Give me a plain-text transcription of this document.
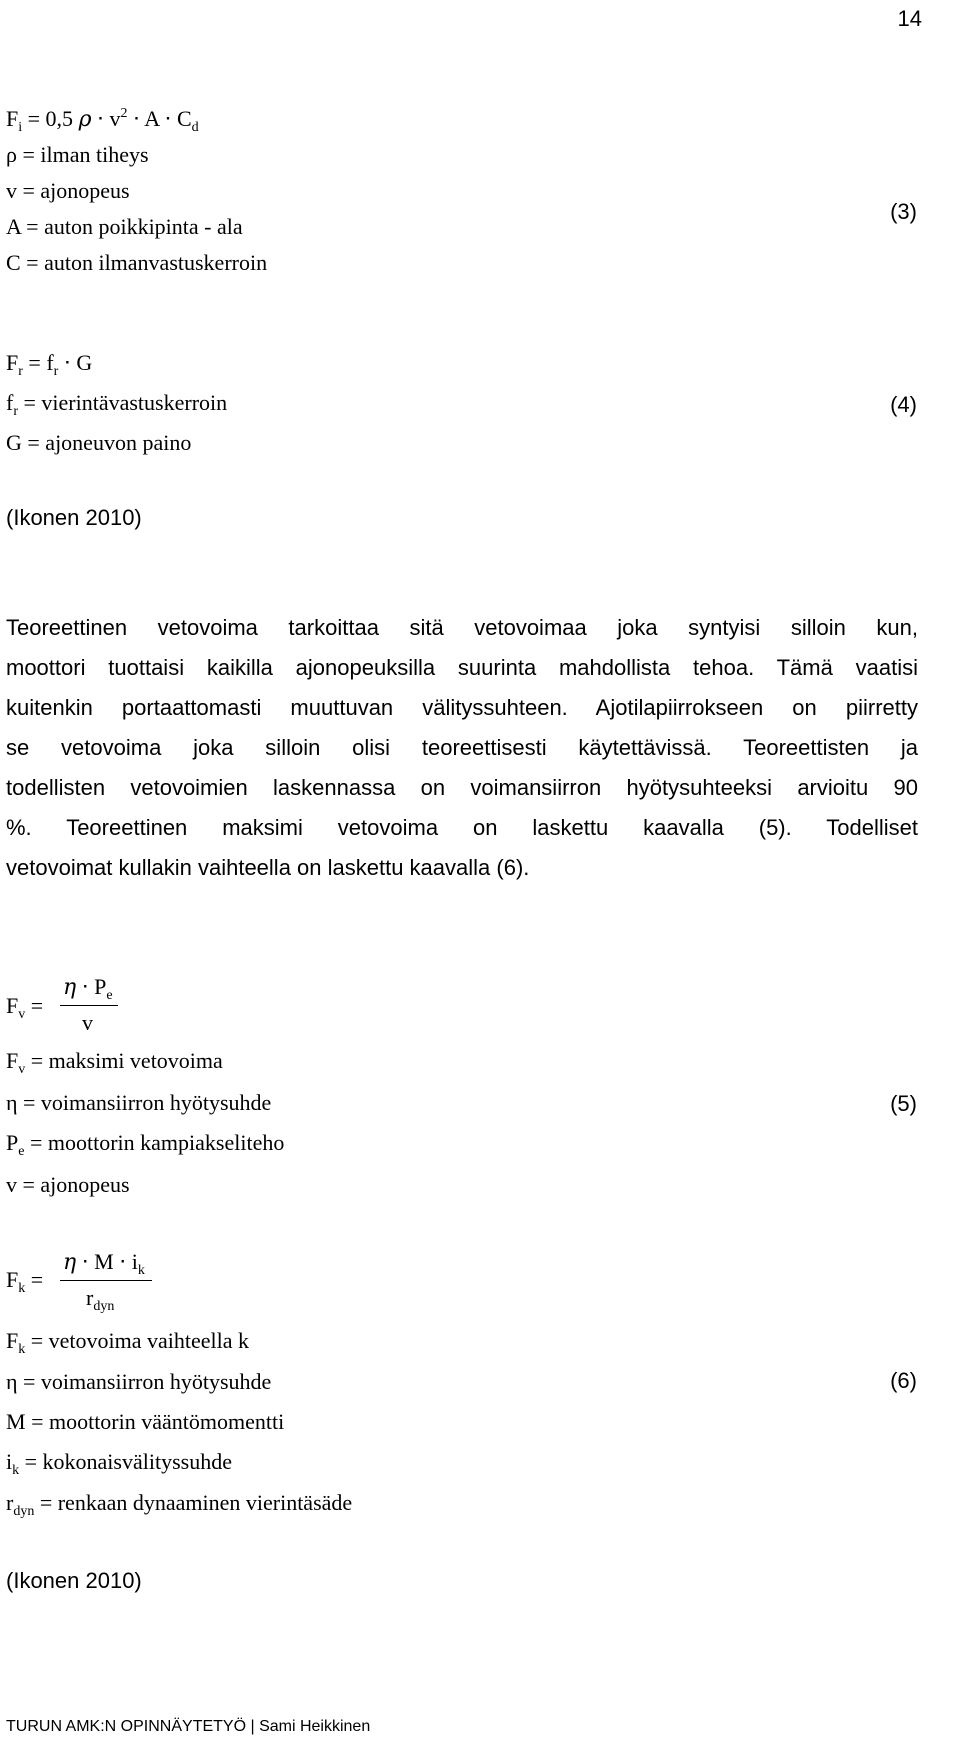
14
$F_i = 0,5$ $\rho \cdot v^2 \cdot A \cdot C_d$
ρ = ilman tiheys
v = ajonopeus
A = auton poikkipinta - ala
C = auton ilmanvastuskerroin
(3)
$F_r = f_r \cdot G$
$f_r$ = vierintävastuskerroin
G = ajoneuvon paino
(4)
(Ikonen 2010)
Teoreettinen vetovoima tarkoittaa sitä vetovoimaa joka syntyisi silloin kun,
moottori tuottaisi kaikilla ajonopeuksilla suurinta mahdollista tehoa. Tämä vaatisi
kuitenkin portaattomasti muuttuvan välityssuhteen. Ajotilapiirrokseen on piirretty
se vetovoima joka silloin olisi teoreettisesti käytettävissä. Teoreettisten ja
todellisten vetovoimien laskennassa on voimansiirron hyötysuhteeksi arvioitu 90
%. Teoreettinen maksimi vetovoima on laskettu kaavalla (5). Todelliset
vetovoimat kullakin vaihteella on laskettu kaavalla (6).
$F_v$ =
$\eta \cdot P_e$
v
$F_v$ = maksimi vetovoima
η = voimansiirron hyötysuhde
$P_e$ = moottorin kampiakseliteho
v = ajonopeus
(5)
$F_k$ =
$\eta \cdot M \cdot i_k$
$r_{dyn}$
$F_k$ = vetovoima vaihteella k
η = voimansiirron hyötysuhde
M = moottorin vääntömomentti
$i_k$ = kokonaisvälityssuhde
$r_{dyn}$ = renkaan dynaaminen vierintäsäde
(6)
(Ikonen 2010)
TURUN AMK:N OPINNÄYTETYÖ | Sami Heikkinen
